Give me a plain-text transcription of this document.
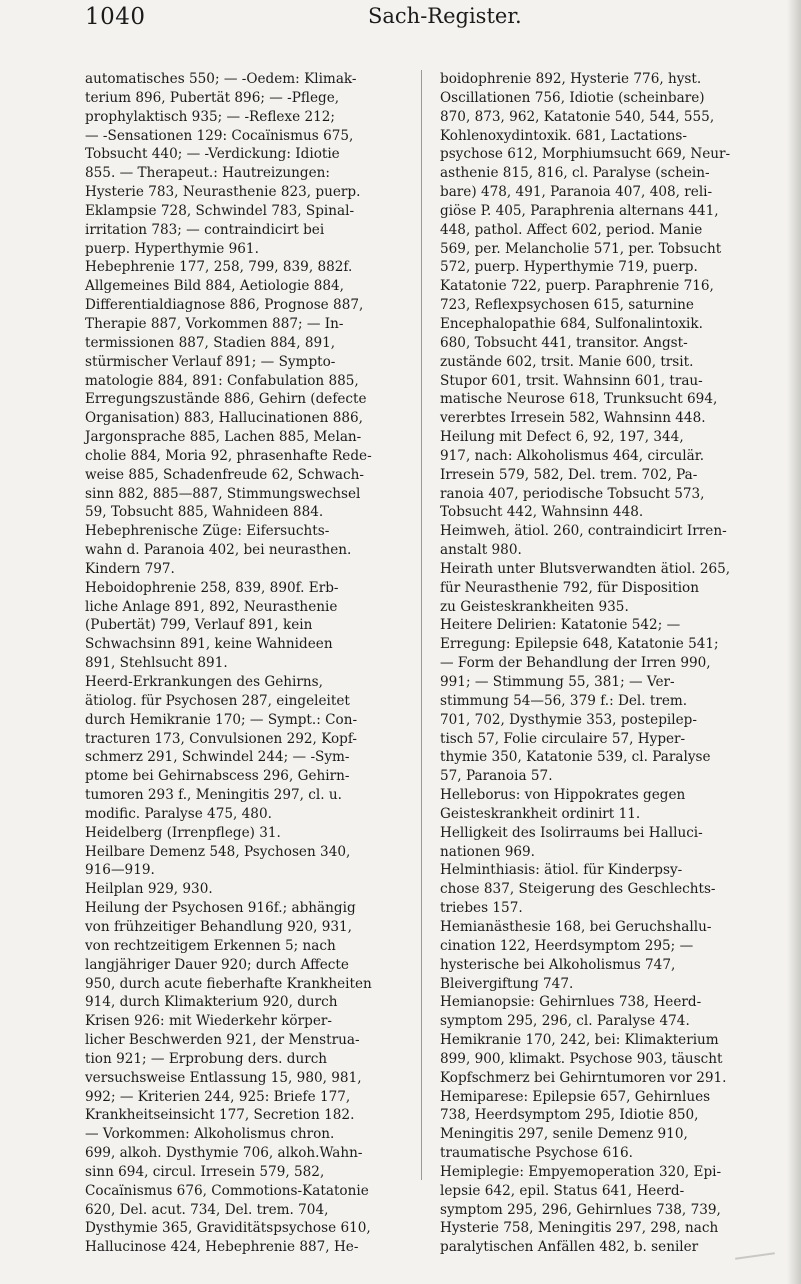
1040	Sach-Register.
automatisches 550; — -Oedem: Klimak-
terium 896, Pubertät 896; — -Pflege,
prophylaktisch 935; — -Reflexe 212;
— -Sensationen 129: Cocaïnismus 675,
Tobsucht 440; — -Verdickung: Idiotie
855. — Therapeut.: Hautreizungen:
Hysterie 783, Neurasthenie 823, puerp.
Eklampsie 728, Schwindel 783, Spinal-
irritation 783; — contraindicirt bei
puerp. Hyperthymie 961.
Hebephrenie 177, 258, 799, 839, 882f.
Allgemeines Bild 884, Aetiologie 884,
Differentialdiagnose 886, Prognose 887,
Therapie 887, Vorkommen 887; — In-
termissionen 887, Stadien 884, 891,
stürmischer Verlauf 891; — Sympto-
matologie 884, 891: Confabulation 885,
Erregungszustände 886, Gehirn (defecte
Organisation) 883, Hallucinationen 886,
Jargonsprache 885, Lachen 885, Melan-
cholie 884, Moria 92, phrasenhafte Rede-
weise 885, Schadenfreude 62, Schwach-
sinn 882, 885—887, Stimmungswechsel
59, Tobsucht 885, Wahnideen 884.
Hebephrenische Züge: Eifersuchts-
wahn d. Paranoia 402, bei neurasthen.
Kindern 797.
Heboidophrenie 258, 839, 890f. Erb-
liche Anlage 891, 892, Neurasthenie
(Pubertät) 799, Verlauf 891, kein
Schwachsinn 891, keine Wahnideen
891, Stehlsucht 891.
Heerd-Erkrankungen des Gehirns,
ätiolog. für Psychosen 287, eingeleitet
durch Hemikranie 170; — Sympt.: Con-
tracturen 173, Convulsionen 292, Kopf-
schmerz 291, Schwindel 244; — -Sym-
ptome bei Gehirnabscess 296, Gehirn-
tumoren 293 f., Meningitis 297, cl. u.
modific. Paralyse 475, 480.
Heidelberg (Irrenpflege) 31.
Heilbare Demenz 548, Psychosen 340,
916—919.
Heilplan 929, 930.
Heilung der Psychosen 916f.; abhängig
von frühzeitiger Behandlung 920, 931,
von rechtzeitigem Erkennen 5; nach
langjähriger Dauer 920; durch Affecte
950, durch acute fieberhafte Krankheiten
914, durch Klimakterium 920, durch
Krisen 926: mit Wiederkehr körper-
licher Beschwerden 921, der Menstrua-
tion 921; — Erprobung ders. durch
versuchsweise Entlassung 15, 980, 981,
992; — Kriterien 244, 925: Briefe 177,
Krankheitseinsicht 177, Secretion 182.
— Vorkommen: Alkoholismus chron.
699, alkoh. Dysthymie 706, alkoh.Wahn-
sinn 694, circul. Irresein 579, 582,
Cocaïnismus 676, Commotions-Katatonie
620, Del. acut. 734, Del. trem. 704,
Dysthymie 365, Graviditätspsychose 610,
Hallucinose 424, Hebephrenie 887, He-
boidophrenie 892, Hysterie 776, hyst.
Oscillationen 756, Idiotie (scheinbare)
870, 873, 962, Katatonie 540, 544, 555,
Kohlenoxydintoxik. 681, Lactations-
psychose 612, Morphiumsucht 669, Neur-
asthenie 815, 816, cl. Paralyse (schein-
bare) 478, 491, Paranoia 407, 408, reli-
giöse P. 405, Paraphrenia alternans 441,
448, pathol. Affect 602, period. Manie
569, per. Melancholie 571, per. Tobsucht
572, puerp. Hyperthymie 719, puerp.
Katatonie 722, puerp. Paraphrenie 716,
723, Reflexpsychosen 615, saturnine
Encephalopathie 684, Sulfonalintoxik.
680, Tobsucht 441, transitor. Angst-
zustände 602, trsit. Manie 600, trsit.
Stupor 601, trsit. Wahnsinn 601, trau-
matische Neurose 618, Trunksucht 694,
vererbtes Irresein 582, Wahnsinn 448.
Heilung mit Defect 6, 92, 197, 344,
917, nach: Alkoholismus 464, circulär.
Irresein 579, 582, Del. trem. 702, Pa-
ranoia 407, periodische Tobsucht 573,
Tobsucht 442, Wahnsinn 448.
Heimweh, ätiol. 260, contraindicirt Irren-
anstalt 980.
Heirath unter Blutsverwandten ätiol. 265,
für Neurasthenie 792, für Disposition
zu Geisteskrankheiten 935.
Heitere Delirien: Katatonie 542; —
Erregung: Epilepsie 648, Katatonie 541;
— Form der Behandlung der Irren 990,
991; — Stimmung 55, 381; — Ver-
stimmung 54—56, 379 f.: Del. trem.
701, 702, Dysthymie 353, postepilep-
tisch 57, Folie circulaire 57, Hyper-
thymie 350, Katatonie 539, cl. Paralyse
57, Paranoia 57.
Helleborus: von Hippokrates gegen
Geisteskrankheit ordinirt 11.
Helligkeit des Isolirraums bei Halluci-
nationen 969.
Helminthiasis: ätiol. für Kinderpsy-
chose 837, Steigerung des Geschlechts-
triebes 157.
Hemianästhesie 168, bei Geruchshallu-
cination 122, Heerdsymptom 295; —
hysterische bei Alkoholismus 747,
Bleivergiftung 747.
Hemianopsie: Gehirnlues 738, Heerd-
symptom 295, 296, cl. Paralyse 474.
Hemikranie 170, 242, bei: Klimakterium
899, 900, klimakt. Psychose 903, täuscht
Kopfschmerz bei Gehirntumoren vor 291.
Hemiparese: Epilepsie 657, Gehirnlues
738, Heerdsymptom 295, Idiotie 850,
Meningitis 297, senile Demenz 910,
traumatische Psychose 616.
Hemiplegie: Empyemoperation 320, Epi-
lepsie 642, epil. Status 641, Heerd-
symptom 295, 296, Gehirnlues 738, 739,
Hysterie 758, Meningitis 297, 298, nach
paralytischen Anfällen 482, b. seniler
